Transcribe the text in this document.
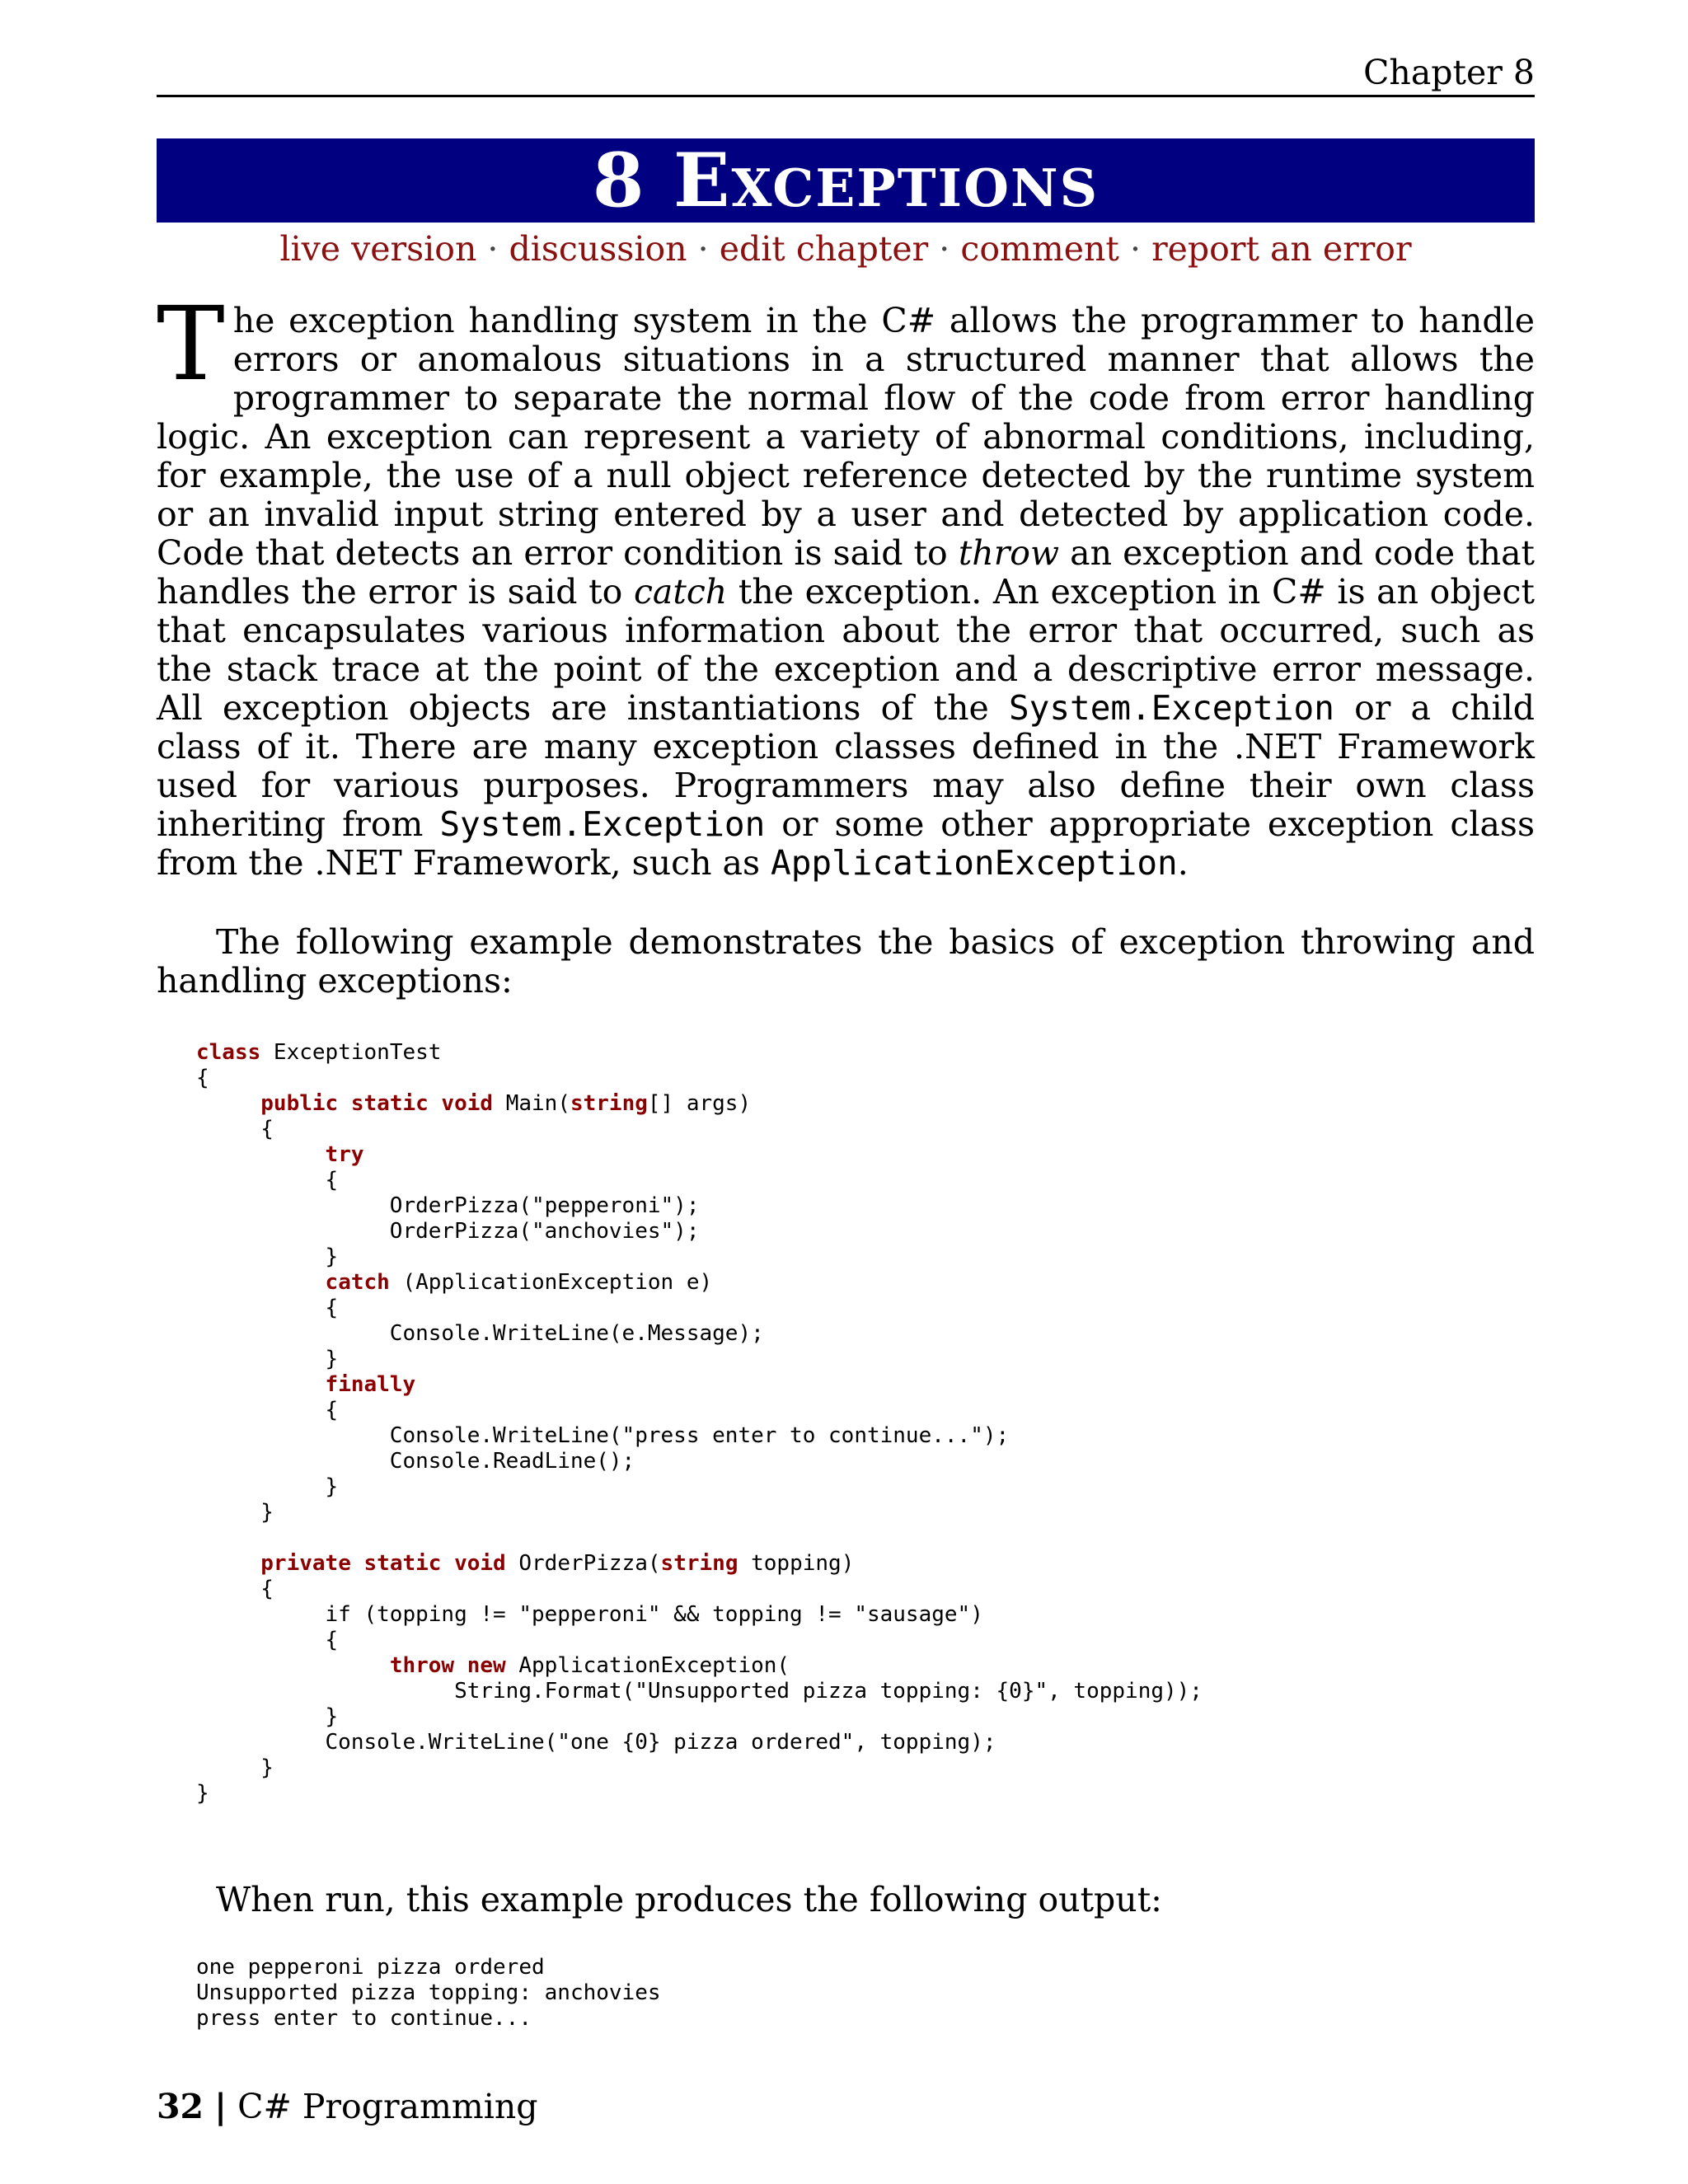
Chapter 8
8 Exceptions
live version · discussion · edit chapter · comment · report an error
The exception handling system in the C# allows the programmer to handle errors or anomalous situations in a structured manner that allows the programmer to separate the normal flow of the code from error handling logic. An exception can represent a variety of abnormal conditions, including, for example, the use of a null object reference detected by the runtime system or an invalid input string entered by a user and detected by application code. Code that detects an error condition is said to throw an exception and code that handles the error is said to catch the exception. An exception in C# is an object that encapsulates various information about the error that occurred, such as the stack trace at the point of the exception and a descriptive error message. All exception objects are instantiations of the System.Exception or a child class of it. There are many exception classes defined in the .NET Framework used for various purposes. Programmers may also define their own class inheriting from System.Exception or some other appropriate exception class from the .NET Framework, such as ApplicationException.
The following example demonstrates the basics of exception throwing and handling exceptions:
class ExceptionTest
{
public static void Main(string[] args)
{
try
{
OrderPizza("pepperoni");
OrderPizza("anchovies");
}
catch (ApplicationException e)
{
Console.WriteLine(e.Message);
}
finally
{
Console.WriteLine("press enter to continue...");
Console.ReadLine();
}
}

private static void OrderPizza(string topping)
{
if (topping != "pepperoni" && topping != "sausage")
{
throw new ApplicationException(
String.Format("Unsupported pizza topping: {0}", topping));
}
Console.WriteLine("one {0} pizza ordered", topping);
}
}
When run, this example produces the following output:
one pepperoni pizza ordered
Unsupported pizza topping: anchovies
press enter to continue...
32 | C# Programming
